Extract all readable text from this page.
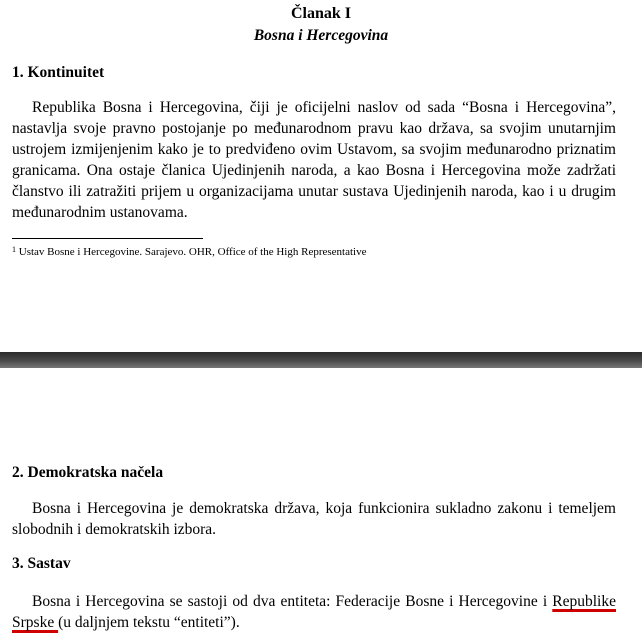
Članak I
Bosna i Hercegovina
1. Kontinuitet
Republika Bosna i Hercegovina, čiji je oficijelni naslov od sada “Bosna i Hercegovina”, nastavlja svoje pravno postojanje po međunarodnom pravu kao država, sa svojim unutarnjim ustrojem izmijenjenim kako je to predviđeno ovim Ustavom, sa svojim međunarodno priznatim granicama. Ona ostaje članica Ujedinjenih naroda, a kao Bosna i Hercegovina može zadržati članstvo ili zatražiti prijem u organizacijama unutar sustava Ujedinjenih naroda, kao i u drugim međunarodnim ustanovama.
$^1$ Ustav Bosne i Hercegovine. Sarajevo. OHR, Office of the High Representative
2. Demokratska načela
Bosna i Hercegovina je demokratska država, koja funkcionira sukladno zakonu i temeljem slobodnih i demokratskih izbora.
3. Sastav
Bosna i Hercegovina se sastoji od dva entiteta: Federacije Bosne i Hercegovine i Republike Srpske (u daljnjem tekstu “entiteti”).
